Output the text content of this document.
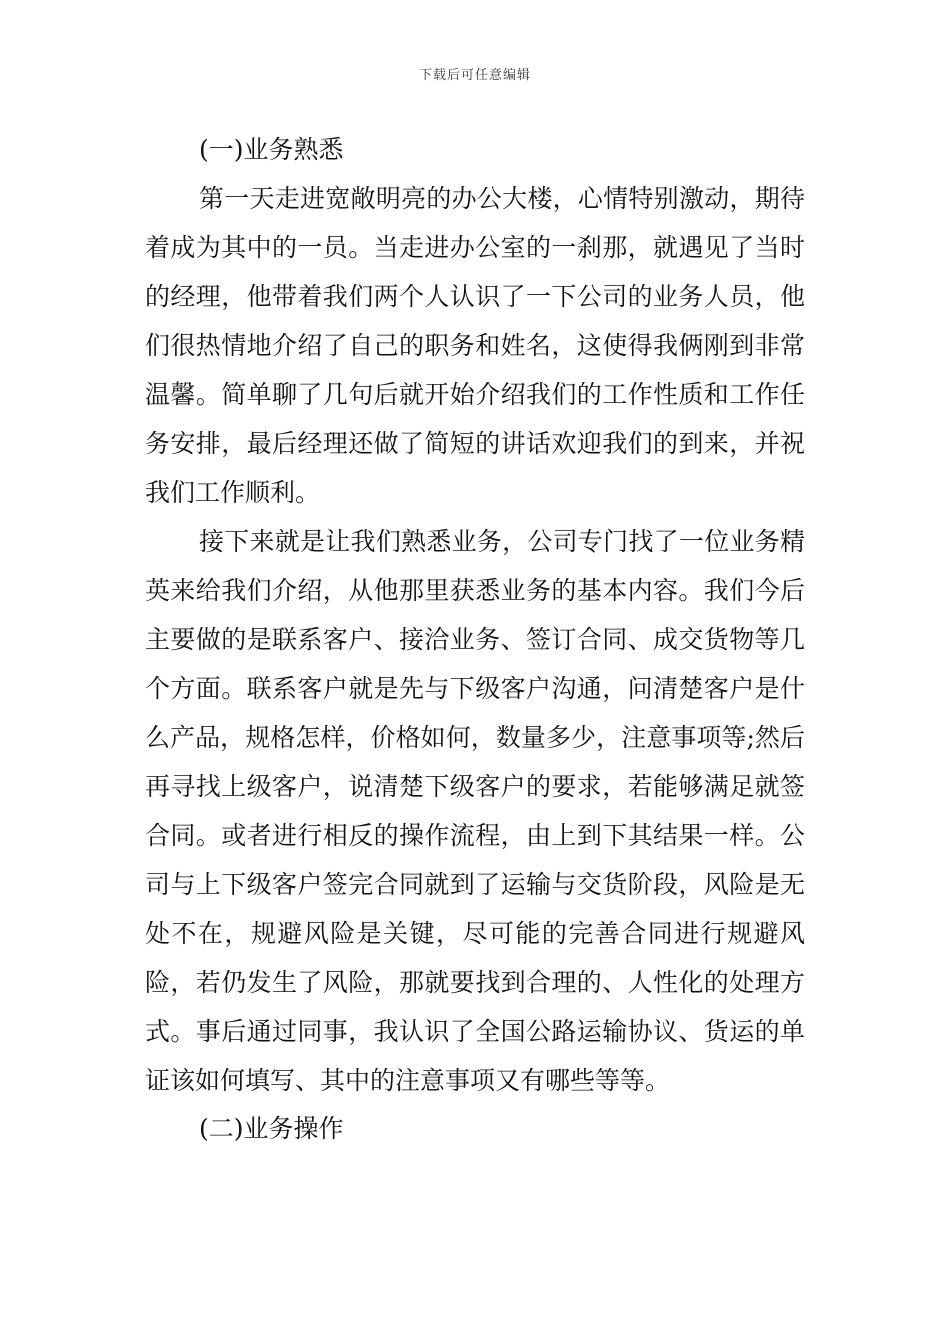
下载后可任意编辑

(一)业务熟悉

第一天走进宽敞明亮的办公大楼，心情特别激动，期待着成为其中的一员。当走进办公室的一刹那，就遇见了当时的经理，他带着我们两个人认识了一下公司的业务人员，他们很热情地介绍了自己的职务和姓名，这使得我俩刚到非常温馨。简单聊了几句后就开始介绍我们的工作性质和工作任务安排，最后经理还做了简短的讲话欢迎我们的到来，并祝我们工作顺利。

接下来就是让我们熟悉业务，公司专门找了一位业务精英来给我们介绍，从他那里获悉业务的基本内容。我们今后主要做的是联系客户、接洽业务、签订合同、成交货物等几个方面。联系客户就是先与下级客户沟通，问清楚客户是什么产品，规格怎样，价格如何，数量多少，注意事项等;然后再寻找上级客户，说清楚下级客户的要求，若能够满足就签合同。或者进行相反的操作流程，由上到下其结果一样。公司与上下级客户签完合同就到了运输与交货阶段，风险是无处不在，规避风险是关键，尽可能的完善合同进行规避风险，若仍发生了风险，那就要找到合理的、人性化的处理方式。事后通过同事，我认识了全国公路运输协议、货运的单证该如何填写、其中的注意事项又有哪些等等。

(二)业务操作
